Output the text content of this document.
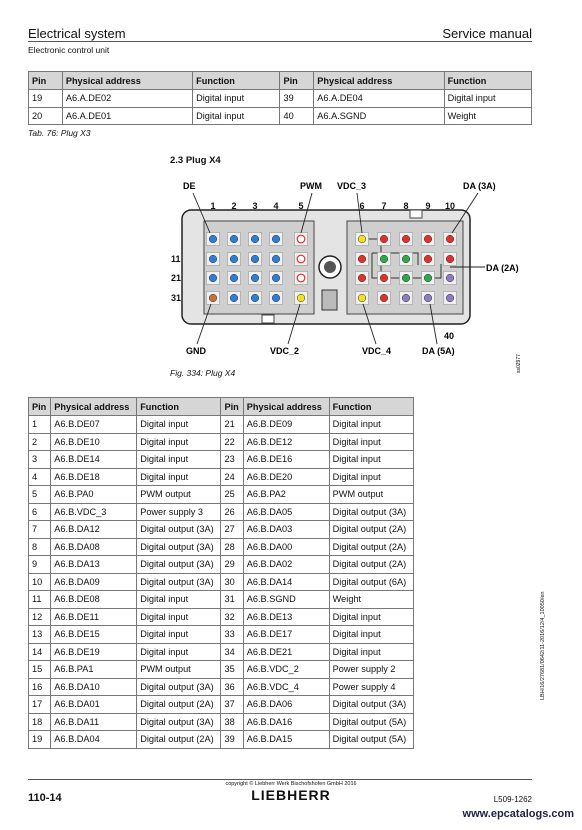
Electrical system	Service manual
Electronic control unit
Pin	Physical address	Function	Pin	Physical address	Function
19	A6.A.DE02	Digital input	39	A6.A.DE04	Digital input
20	A6.A.DE01	Digital input	40	A6.A.SGND	Weight
Tab. 76: Plug X3
2.3 Plug X4
1 2 3 4 5	6 7 8 9 10
11
21
31
DE	PWM VDC_3	DA (3A)
DA (2A)
GND	VDC_2	VDC_4	DA (5A)
40
ss02977
Fig. 334: Plug X4
Pin	Physical address	Function	Pin	Physical address	Function
1	A6.B.DE07	Digital input	21	A6.B.DE09	Digital input
2	A6.B.DE10	Digital input	22	A6.B.DE12	Digital input
3	A6.B.DE14	Digital input	23	A6.B.DE16	Digital input
4	A6.B.DE18	Digital input	24	A6.B.DE20	Digital input
5	A6.B.PA0	PWM output	25	A6.B.PA2	PWM output
6	A6.B.VDC_3	Power supply 3	26	A6.B.DA05	Digital output (3A)
7	A6.B.DA12	Digital output (3A)	27	A6.B.DA03	Digital output (2A)
8	A6.B.DA08	Digital output (3A)	28	A6.B.DA00	Digital output (2A)
9	A6.B.DA13	Digital output (3A)	29	A6.B.DA02	Digital output (2A)
10	A6.B.DA09	Digital output (3A)	30	A6.B.DA14	Digital output (6A)
11	A6.B.DE08	Digital input	31	A6.B.SGND	Weight
12	A6.B.DE11	Digital input	32	A6.B.DE13	Digital input
13	A6.B.DE15	Digital input	33	A6.B.DE17	Digital input
14	A6.B.DE19	Digital input	34	A6.B.DE21	Digital input
15	A6.B.PA1	PWM output	35	A6.B.VDC_2	Power supply 2
16	A6.B.DA10	Digital output (3A)	36	A6.B.VDC_4	Power supply 4
17	A6.B.DA01	Digital output (2A)	37	A6.B.DA06	Digital output (3A)
18	A6.B.DA11	Digital output (3A)	38	A6.B.DA16	Digital output (5A)
19	A6.B.DA04	Digital output (2A)	39	A6.B.DA15	Digital output (5A)
LBH/16/27681/0642/11-2016/12/4_10050/en
copyright © Liebherr Werk Bischofshofen GmbH 2016
LIEBHERR
110-14	L509-1262
www.epcatalogs.com
